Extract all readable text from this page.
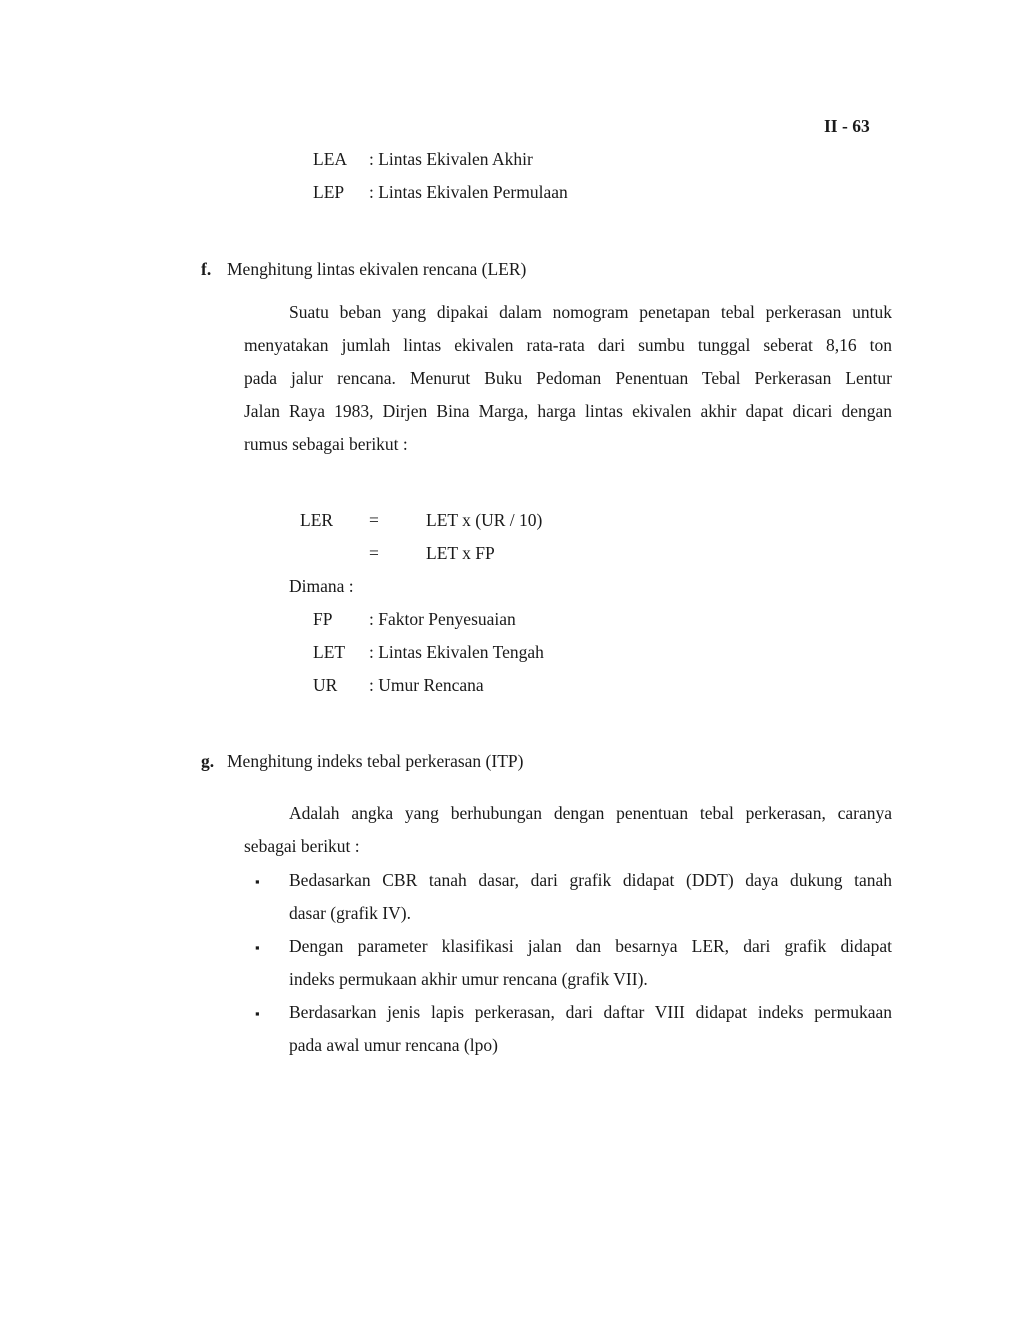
II - 63
LEA : Lintas Ekivalen Akhir
LEP : Lintas Ekivalen Permulaan
f. Menghitung lintas ekivalen rencana (LER)
Suatu beban yang dipakai dalam nomogram penetapan tebal perkerasan untuk
menyatakan jumlah lintas ekivalen rata-rata dari sumbu tunggal seberat 8,16 ton
pada jalur rencana. Menurut Buku Pedoman Penentuan Tebal Perkerasan Lentur
Jalan Raya 1983, Dirjen Bina Marga, harga lintas ekivalen akhir dapat dicari dengan
rumus sebagai berikut :
LER =	LET x (UR / 10)
=	LET x FP
Dimana :
FP : Faktor Penyesuaian
LET : Lintas Ekivalen Tengah
UR : Umur Rencana
g. Menghitung indeks tebal perkerasan (ITP)
Adalah angka yang berhubungan dengan penentuan tebal perkerasan, caranya
sebagai berikut :
▪ Bedasarkan CBR tanah dasar, dari grafik didapat (DDT) daya dukung tanah
dasar (grafik IV).
▪ Dengan parameter klasifikasi jalan dan besarnya LER, dari grafik didapat
indeks permukaan akhir umur rencana (grafik VII).
▪ Berdasarkan jenis lapis perkerasan, dari daftar VIII didapat indeks permukaan
pada awal umur rencana (lpo)
